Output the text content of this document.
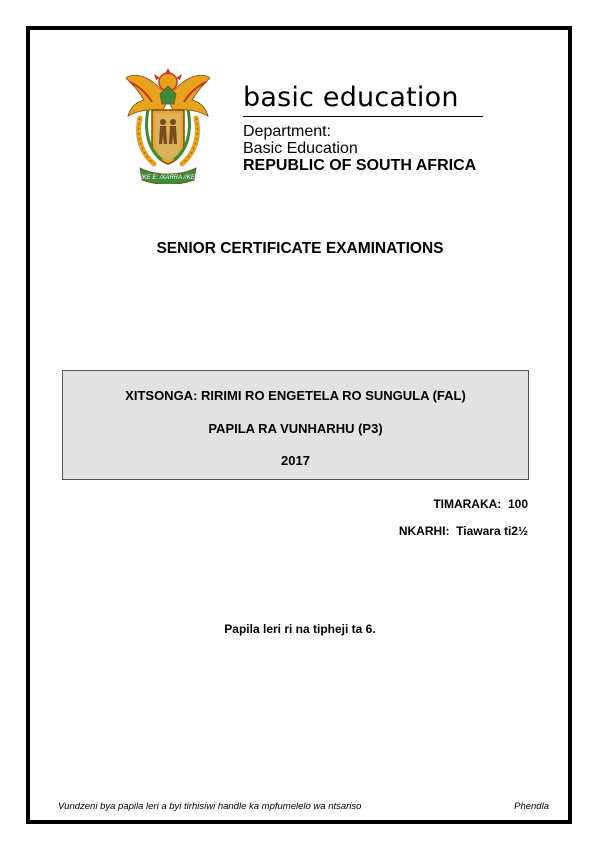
!KE E: /XARRA //KE
basic education
Department:
Basic Education
REPUBLIC OF SOUTH AFRICA
SENIOR CERTIFICATE EXAMINATIONS
XITSONGA: RIRIMI RO ENGETELA RO SUNGULA (FAL)
PAPILA RA VUNHARHU (P3)
2017
TIMARAKA:  100
NKARHI:  Tiawara ti2½
Papila leri ri na tipheji ta 6.
Vundzeni bya papila leri a byi tirhisiwi handle ka mpfumelelo wa ntsariso	Phendla
